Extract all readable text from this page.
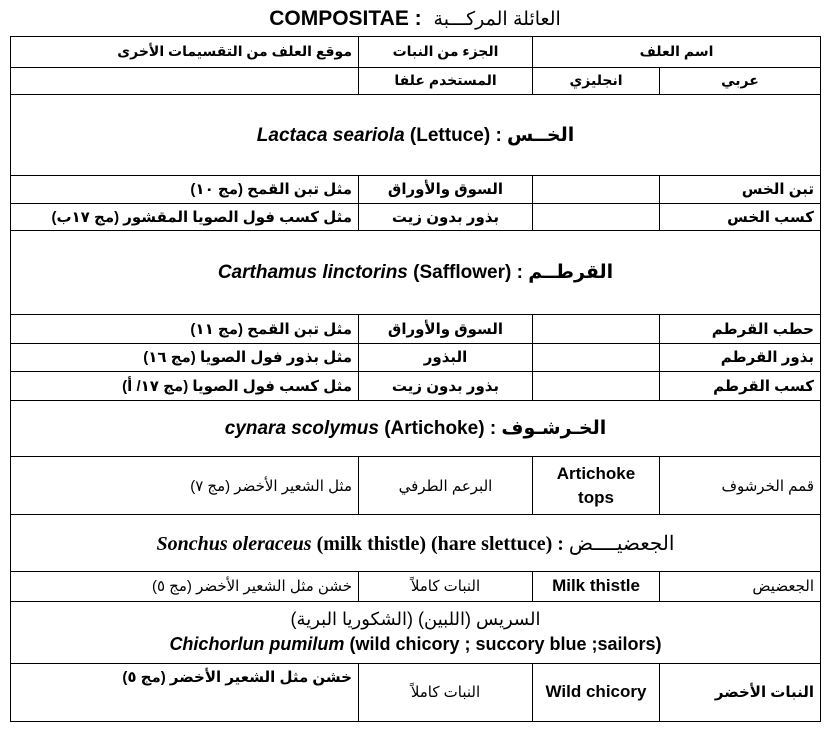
COMPOSITAE : العائلة المركـــبة
موقع العلف من التقسيمات الأخرى	الجزء من النبات	اسم العلف	
	المستخدم علفا	انجليزي	عربي
Lactaca seariola (Lettuce) : الخــس			
مثل تبن القمح (مج ١٠)	السوق والأوراق		تبن الخس
مثل كسب فول الصويا المقشور (مج ١٧ب)	بذور بدون زيت		كسب الخس
Carthamus linctorins (Safflower) : القرطــم			
مثل تبن القمح (مج ١١)	السوق والأوراق		حطب القرطم
مثل بذور فول الصويا (مج ١٦)	البذور		بذور القرطم
مثل كسب فول الصويا (مج ١٧/ أ)	بذور بدون زيت		كسب القرطم
cynara scolymus (Artichoke) : الخـرشـوف			
مثل الشعير الأخضر (مج ٧)	البرعم الطرفي	Artichoke tops	قمم الخرشوف
Sonchus oleraceus (milk thistle) (hare slettuce) : الجعضيــــض			
خشن مثل الشعير الأخضر (مج ٥)	النبات كاملاً	Milk thistle	الجعضيض

السريس (اللبين) (الشكوريا البرية)
Chichorlun pumilum (wild chicory ; succory blue ;sailors)			

خشن مثل الشعير الأخضر (مج ٥)	النبات كاملاً	Wild chicory	النبات الأخضر
